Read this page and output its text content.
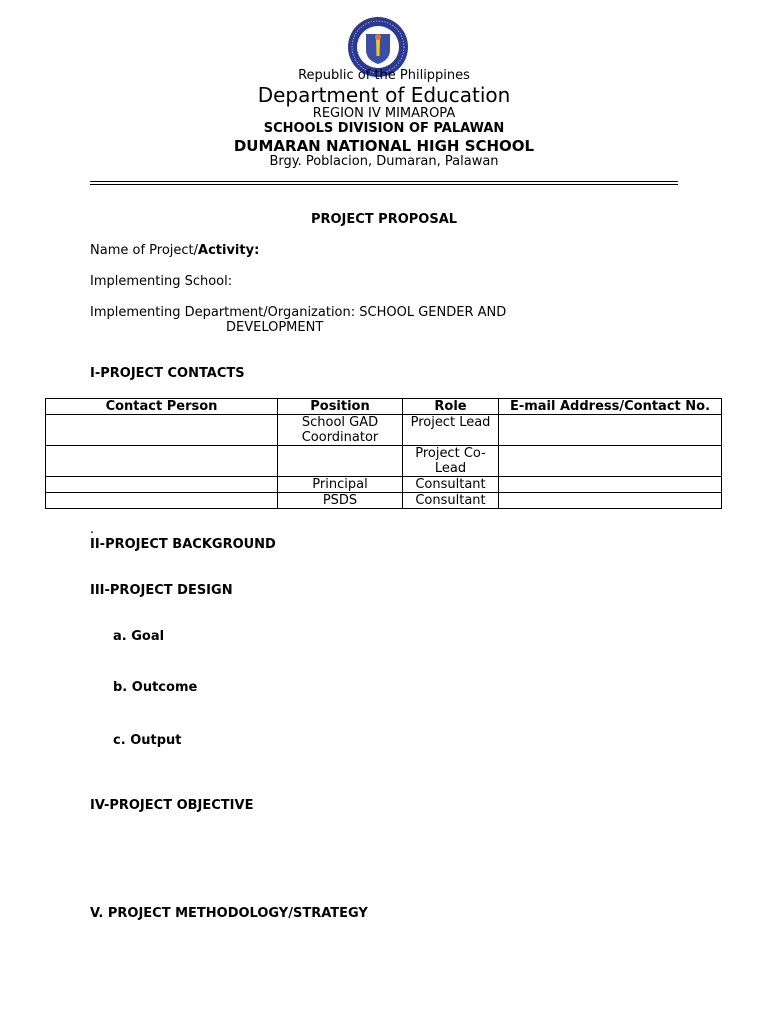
Republic of the Philippines
Department of Education
REGION IV MIMAROPA
SCHOOLS DIVISION OF PALAWAN
DUMARAN NATIONAL HIGH SCHOOL
Brgy. Poblacion, Dumaran, Palawan
PROJECT PROPOSAL
Name of Project/Activity:
Implementing School:
Implementing Department/Organization: SCHOOL GENDER AND
DEVELOPMENT
I-PROJECT CONTACTS
Contact Person	Position	Role	E-mail Address/Contact No.
	School GAD Coordinator	Project Lead	
		Project Co-Lead	
	Principal	Consultant	
	PSDS	Consultant	
.
II-PROJECT BACKGROUND
III-PROJECT DESIGN
a. Goal
b. Outcome
c. Output
IV-PROJECT OBJECTIVE
V. PROJECT METHODOLOGY/STRATEGY
